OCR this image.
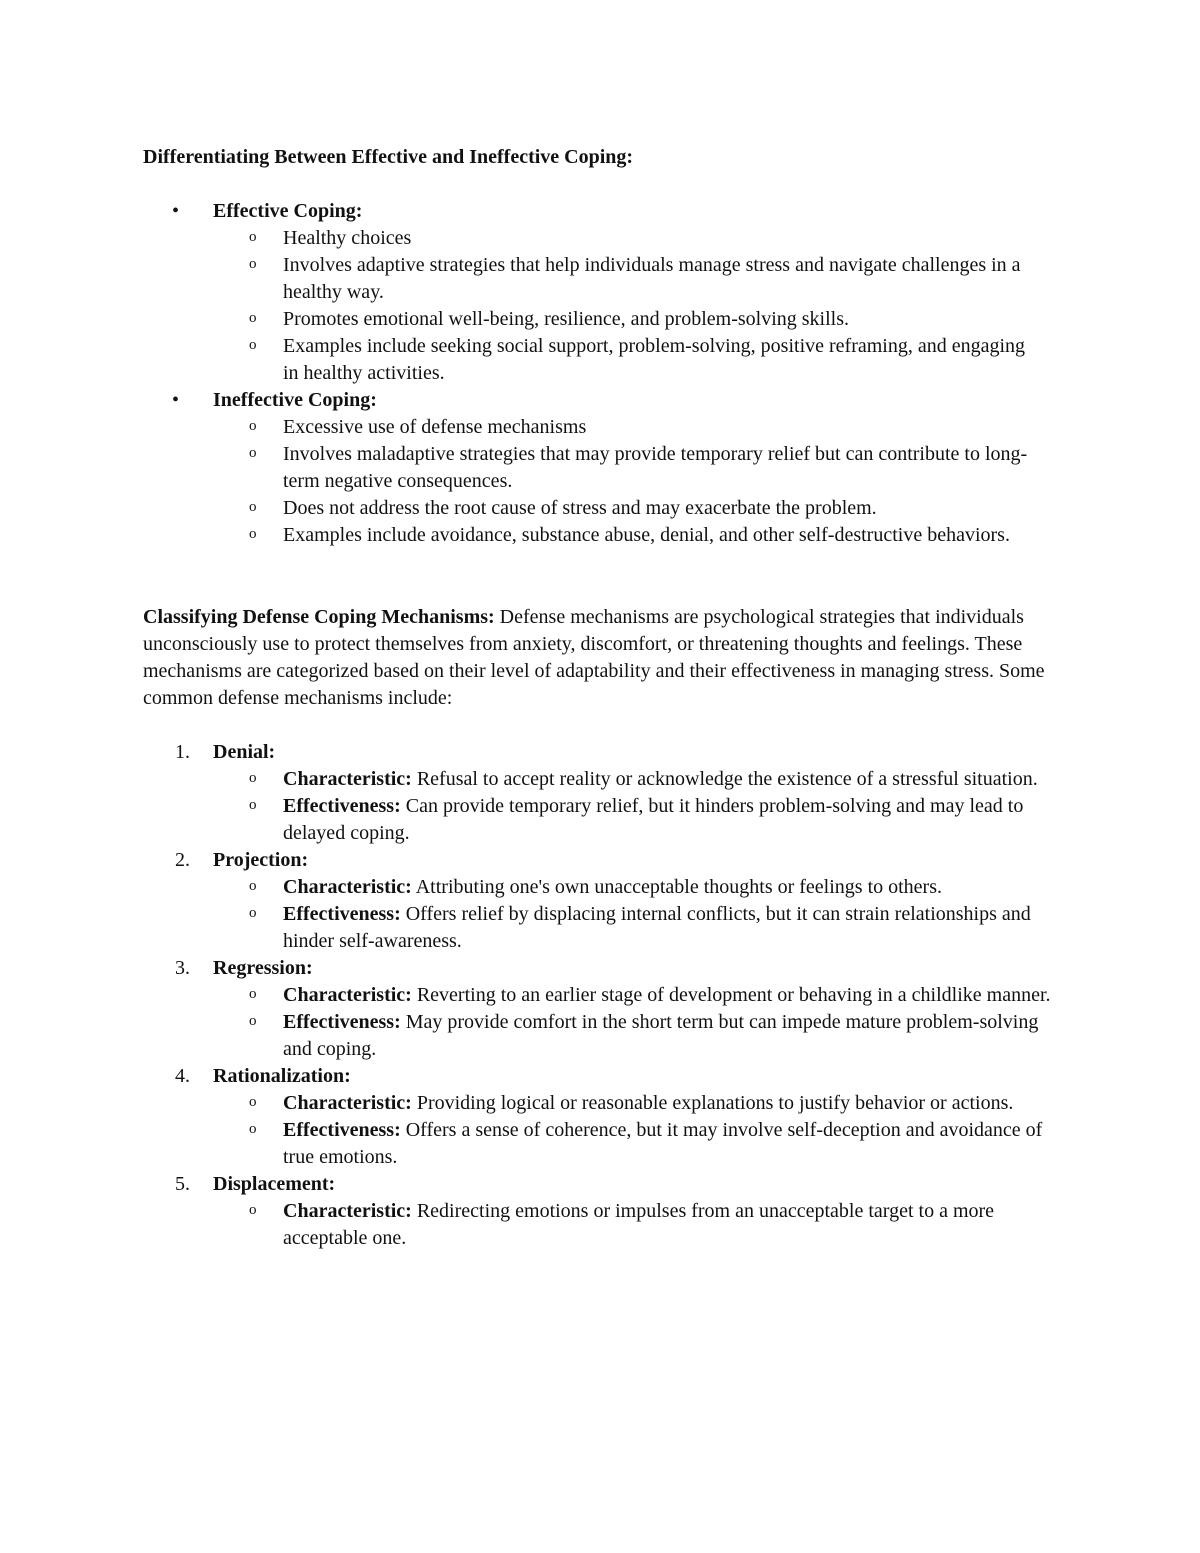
Differentiating Between Effective and Ineffective Coping:

• Effective Coping:
o Healthy choices
o Involves adaptive strategies that help individuals manage stress and navigate challenges in a healthy way.
o Promotes emotional well-being, resilience, and problem-solving skills.
o Examples include seeking social support, problem-solving, positive reframing, and engaging in healthy activities.
• Ineffective Coping:
o Excessive use of defense mechanisms
o Involves maladaptive strategies that may provide temporary relief but can contribute to long-term negative consequences.
o Does not address the root cause of stress and may exacerbate the problem.
o Examples include avoidance, substance abuse, denial, and other self-destructive behaviors.

Classifying Defense Coping Mechanisms: Defense mechanisms are psychological strategies that individuals unconsciously use to protect themselves from anxiety, discomfort, or threatening thoughts and feelings. These mechanisms are categorized based on their level of adaptability and their effectiveness in managing stress. Some common defense mechanisms include:

1. Denial:
o Characteristic: Refusal to accept reality or acknowledge the existence of a stressful situation.
o Effectiveness: Can provide temporary relief, but it hinders problem-solving and may lead to delayed coping.
2. Projection:
o Characteristic: Attributing one's own unacceptable thoughts or feelings to others.
o Effectiveness: Offers relief by displacing internal conflicts, but it can strain relationships and hinder self-awareness.
3. Regression:
o Characteristic: Reverting to an earlier stage of development or behaving in a childlike manner.
o Effectiveness: May provide comfort in the short term but can impede mature problem-solving and coping.
4. Rationalization:
o Characteristic: Providing logical or reasonable explanations to justify behavior or actions.
o Effectiveness: Offers a sense of coherence, but it may involve self-deception and avoidance of true emotions.
5. Displacement:
o Characteristic: Redirecting emotions or impulses from an unacceptable target to a more acceptable one.
